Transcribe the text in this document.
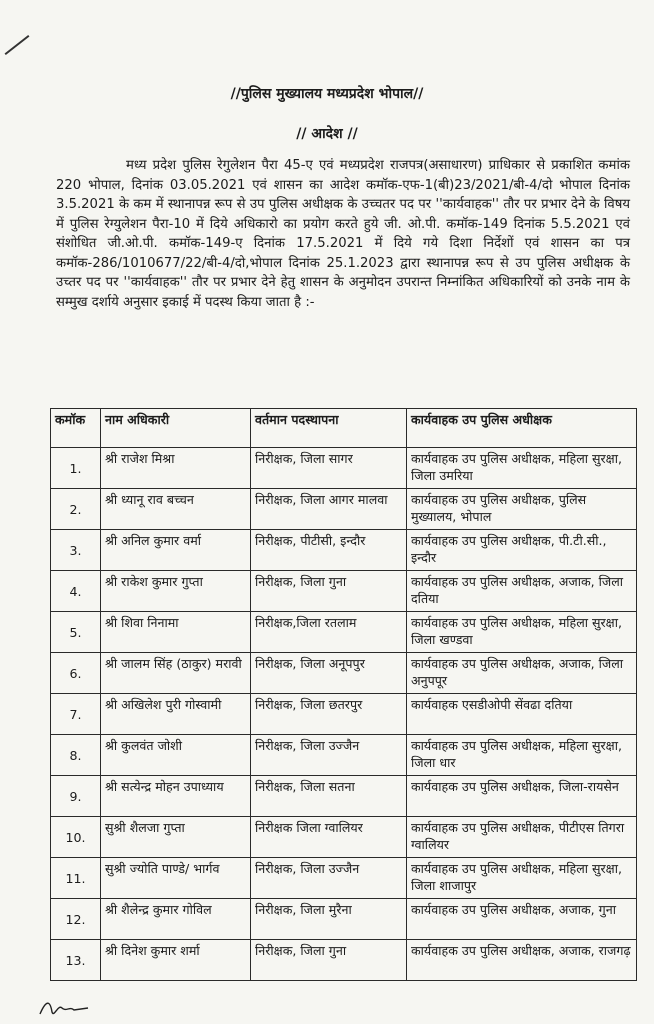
//पुलिस मुख्यालय मध्यप्रदेश भोपाल//
// आदेश //
मध्य प्रदेश पुलिस रेगुलेशन पैरा 45-ए एवं मध्यप्रदेश राजपत्र(असाधारण) प्राधिकार से प्रकाशित कमांक 220 भोपाल, दिनांक 03.05.2021 एवं शासन का आदेश कमॉक-एफ-1(बी)23/2021/बी-4/दो भोपाल दिनांक 3.5.2021 के कम में स्थानापन्न रूप से उप पुलिस अधीक्षक के उच्चतर पद पर ''कार्यवाहक'' तौर पर प्रभार देने के विषय में पुलिस रेग्युलेशन पैरा-10 में दिये अधिकारो का प्रयोग करते हुये जी. ओ.पी. कमॉक-149 दिनांक 5.5.2021 एवं संशोधित जी.ओ.पी. कमॉक-149-ए दिनांक 17.5.2021 में दिये गये दिशा निर्देशों एवं शासन का पत्र कमॉक-286/1010677/22/बी-4/दो,भोपाल दिनांक 25.1.2023 द्वारा स्थानापन्न रूप से उप पुलिस अधीक्षक के उच्तर पद पर ''कार्यवाहक'' तौर पर प्रभार देने हेतु शासन के अनुमोदन उपरान्त निम्नांकित अधिकारियों को उनके नाम के सम्मुख दर्शाये अनुसार इकाई में पदस्थ किया जाता है :-
कमॉक	नाम अधिकारी	वर्तमान पदस्थापना	कार्यवाहक उप पुलिस अधीक्षक
1.	श्री राजेश मिश्रा	निरीक्षक, जिला सागर	कार्यवाहक उप पुलिस अधीक्षक, महिला सुरक्षा, जिला उमरिया
2.	श्री ध्यानू राव बच्चन	निरीक्षक, जिला आगर मालवा	कार्यवाहक उप पुलिस अधीक्षक, पुलिस मुख्यालय, भोपाल
3.	श्री अनिल कुमार वर्मा	निरीक्षक, पीटीसी, इन्दौर	कार्यवाहक उप पुलिस अधीक्षक, पी.टी.सी., इन्दौर
4.	श्री राकेश कुमार गुप्ता	निरीक्षक, जिला गुना	कार्यवाहक उप पुलिस अधीक्षक, अजाक, जिला दतिया
5.	श्री शिवा निनामा	निरीक्षक,जिला रतलाम	कार्यवाहक उप पुलिस अधीक्षक, महिला सुरक्षा, जिला खण्डवा
6.	श्री जालम सिंह (ठाकुर) मरावी	निरीक्षक, जिला अनूपपुर	कार्यवाहक उप पुलिस अधीक्षक, अजाक, जिला अनुपपूर
7.	श्री अखिलेश पुरी गोस्वामी	निरीक्षक, जिला छतरपुर	कार्यवाहक एसडीओपी सेंवढा दतिया
8.	श्री कुलवंत जोशी	निरीक्षक, जिला उज्जैन	कार्यवाहक उप पुलिस अधीक्षक, महिला सुरक्षा, जिला धार
9.	श्री सत्येन्द्र मोहन उपाध्याय	निरीक्षक, जिला सतना	कार्यवाहक उप पुलिस अधीक्षक, जिला-रायसेन
10.	सुश्री शैलजा गुप्ता	निरीक्षक जिला ग्वालियर	कार्यवाहक उप पुलिस अधीक्षक, पीटीएस तिगरा ग्वालियर
11.	सुश्री ज्योति पाण्डे/ भार्गव	निरीक्षक, जिला उज्जैन	कार्यवाहक उप पुलिस अधीक्षक, महिला सुरक्षा, जिला शाजापुर
12.	श्री शैलेन्द्र कुमार गोविल	निरीक्षक, जिला मुरैना	कार्यवाहक उप पुलिस अधीक्षक, अजाक, गुना
13.	श्री दिनेश कुमार शर्मा	निरीक्षक, जिला गुना	कार्यवाहक उप पुलिस अधीक्षक, अजाक, राजगढ़
